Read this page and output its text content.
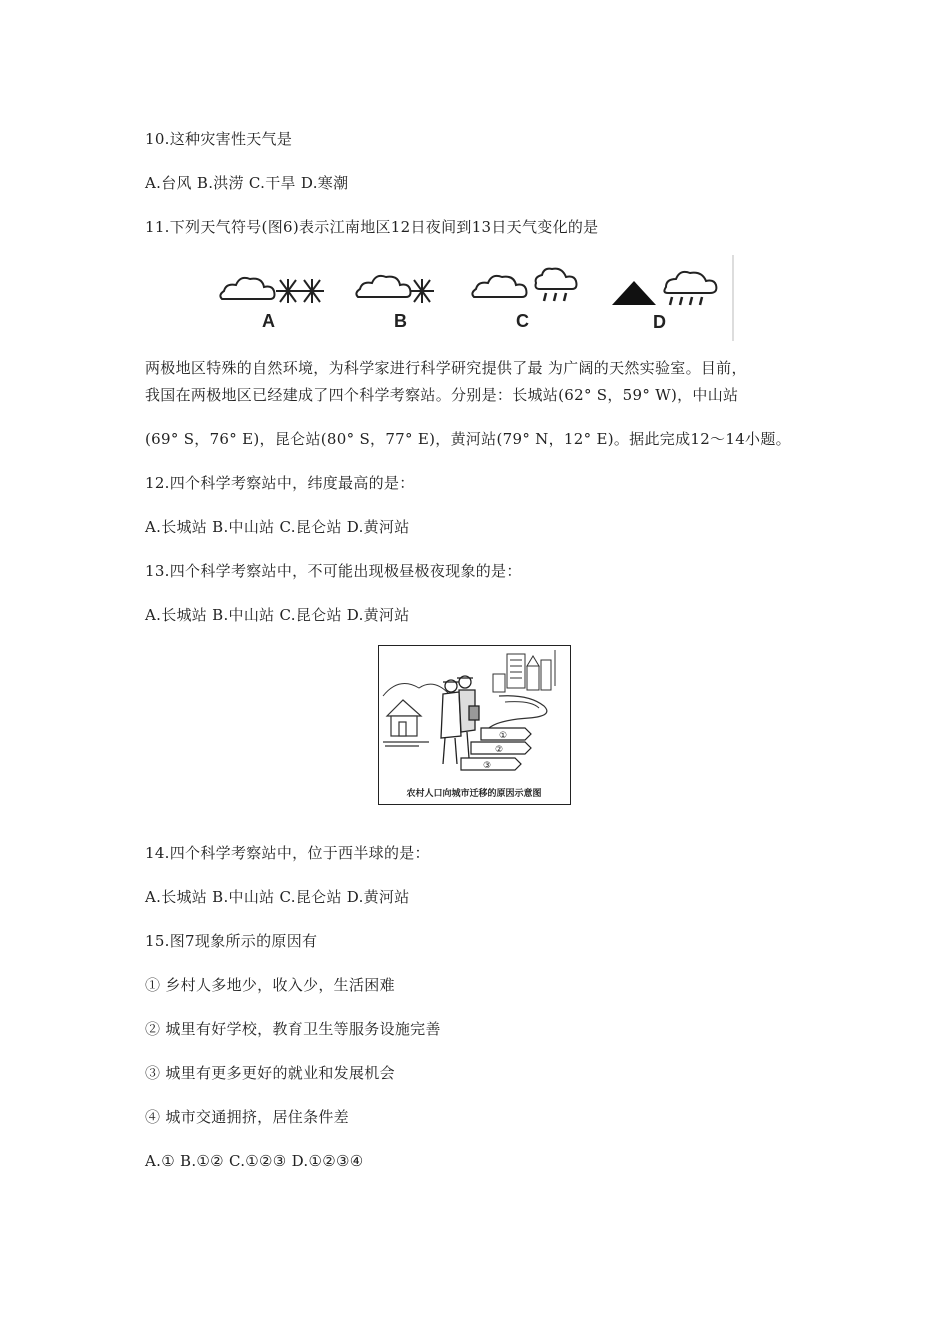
10.这种灾害性天气是
A.台风 B.洪涝 C.干旱 D.寒潮
11.下列天气符号(图6)表示江南地区12日夜间到13日天气变化的是
A	B	C	D
两极地区特殊的自然环境，为科学家进行科学研究提供了最 为广阔的天然实验室。目前，
我国在两极地区已经建成了四个科学考察站。分别是：长城站(62° S，59° W)，中山站
(69° S，76° E)，昆仑站(80° S，77° E)，黄河站(79° N，12° E)。据此完成12～14小题。
12.四个科学考察站中，纬度最高的是：
A.长城站 B.中山站 C.昆仑站 D.黄河站
13.四个科学考察站中，不可能出现极昼极夜现象的是：
A.长城站 B.中山站 C.昆仑站 D.黄河站
①
②
③
农村人口向城市迁移的原因示意图
14.四个科学考察站中，位于西半球的是：
A.长城站 B.中山站 C.昆仑站 D.黄河站
15.图7现象所示的原因有
① 乡村人多地少，收入少，生活困难
② 城里有好学校，教育卫生等服务设施完善
③ 城里有更多更好的就业和发展机会
④ 城市交通拥挤，居住条件差
A.① B.①② C.①②③ D.①②③④
